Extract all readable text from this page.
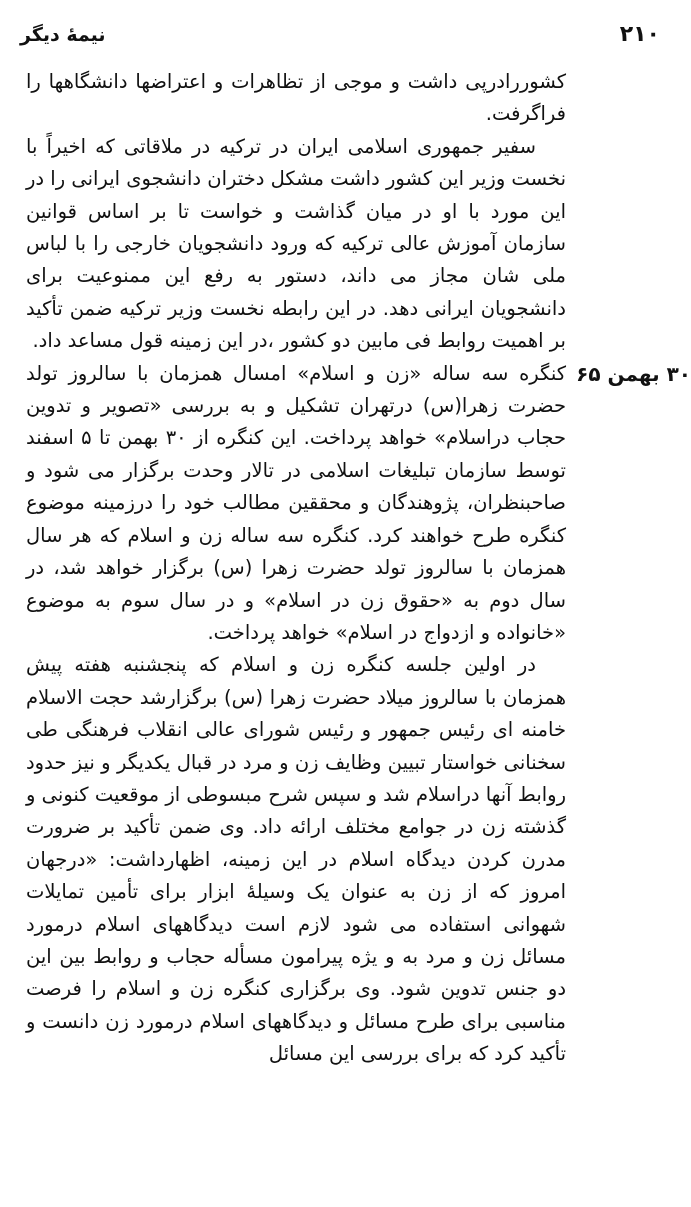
۲۱۰
نیمهٔ دیگر

کشوررادرپی داشت و موجی از تظاهرات و اعتراضها دانشگاهها را فراگرفت.

سفیر جمهوری اسلامی ایران در ترکیه در ملاقاتی که اخیراً با نخست وزیر این کشور داشت مشکل دختران دانشجوی ایرانی را در این مورد با او در میان گذاشت و خواست تا بر اساس قوانین سازمان آموزش عالی ترکیه که ورود دانشجویان خارجی را با لباس ملی شان مجاز می داند، دستور به رفع این ممنوعیت برای دانشجویان ایرانی دهد. در این رابطه نخست وزیر ترکیه ضمن تأکید بر اهمیت روابط فی مابین دو کشور ،در این زمینه قول مساعد داد.

۳۰ بهمن ۶۵

کنگره سه ساله «زن و اسلام» امسال همزمان با سالروز تولد حضرت زهرا(س) درتهران تشکیل و به بررسی «تصویر و تدوین حجاب دراسلام» خواهد پرداخت. این کنگره از ۳۰ بهمن تا ۵ اسفند توسط سازمان تبلیغات اسلامی در تالار وحدت برگزار می شود و صاحبنظران، پژوهندگان و محققین مطالب خود را درزمینه موضوع کنگره طرح خواهند کرد. کنگره سه ساله زن و اسلام که هر سال همزمان با سالروز تولد حضرت زهرا (س) برگزار خواهد شد، در سال دوم به «حقوق زن در اسلام» و در سال سوم به موضوع «خانواده و ازدواج در اسلام» خواهد پرداخت.

در اولین جلسه کنگره زن و اسلام که پنجشنبه هفته پیش همزمان با سالروز میلاد حضرت زهرا (س) برگزارشد حجت الاسلام خامنه ای رئیس جمهور و رئیس شورای عالی انقلاب فرهنگی طی سخنانی خواستار تبیین وظایف زن و مرد در قبال یکدیگر و نیز حدود روابط آنها دراسلام شد و سپس شرح مبسوطی از موقعیت کنونی و گذشته زن در جوامع مختلف ارائه داد. وی ضمن تأکید بر ضرورت مدرن کردن دیدگاه اسلام در این زمینه، اظهارداشت: «درجهان امروز که از زن به عنوان یک وسیلهٔ ابزار برای تأمین تمایلات شهوانی استفاده می شود لازم است دیدگاههای اسلام درمورد مسائل زن و مرد به و یژه پیرامون مسأله حجاب و روابط بین این دو جنس تدوین شود. وی برگزاری کنگره زن و اسلام را فرصت مناسبی برای طرح مسائل و دیدگاههای اسلام درمورد زن دانست و تأکید کرد که برای بررسی این مسائل
